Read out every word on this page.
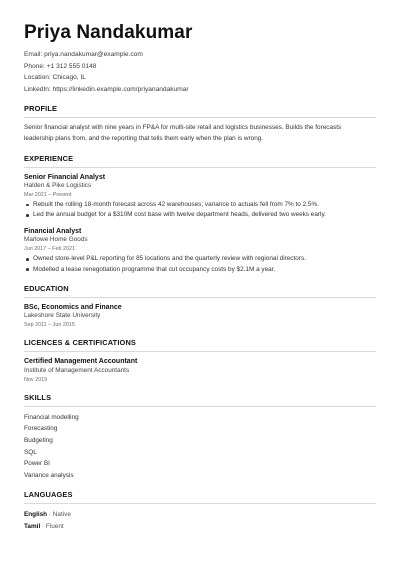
Priya Nandakumar
Email: priya.nandakumar@example.com
Phone: +1 312 555 0148
Location: Chicago, IL
LinkedIn: https://linkedin.example.com/priyanandakumar
PROFILE
Senior financial analyst with nine years in FP&A for multi-site retail and logistics businesses. Builds the forecasts leadership plans from, and the reporting that tells them early when the plan is wrong.
EXPERIENCE
Senior Financial Analyst
Halden & Pike Logistics
Mar 2021 – Present
Rebuilt the rolling 18-month forecast across 42 warehouses; variance to actuals fell from 7% to 2.5%.
Led the annual budget for a $310M cost base with twelve department heads, delivered two weeks early.
Financial Analyst
Marlowe Home Goods
Jun 2017 – Feb 2021
Owned store-level P&L reporting for 85 locations and the quarterly review with regional directors.
Modelled a lease renegotiation programme that cut occupancy costs by $2.1M a year.
EDUCATION
BSc, Economics and Finance
Lakeshore State University
Sep 2011 – Jun 2015
LICENCES & CERTIFICATIONS
Certified Management Accountant
Institute of Management Accountants
Nov 2019
SKILLS
Financial modelling
Forecasting
Budgeting
SQL
Power BI
Variance analysis
LANGUAGES
English · Native
Tamil · Fluent
